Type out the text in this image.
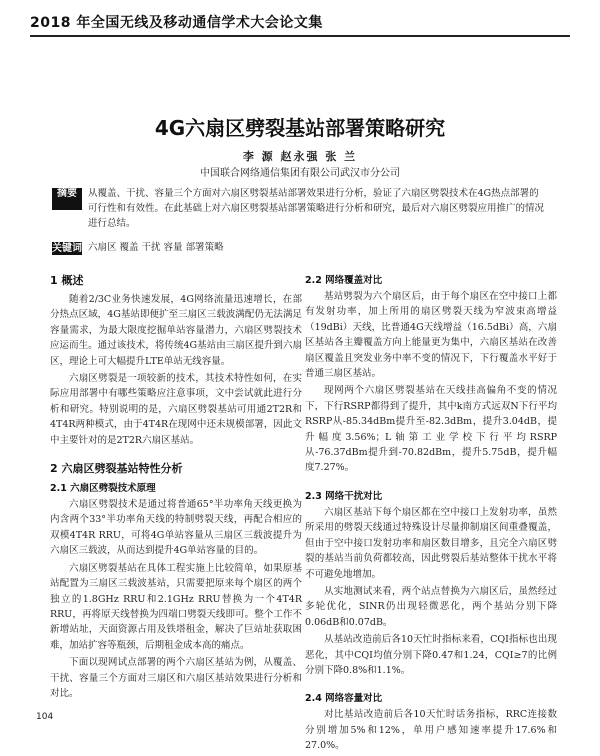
2018 年全国无线及移动通信学术大会论文集
4G六扇区劈裂基站部署策略研究
李 源 赵永强 张 兰
中国联合网络通信集团有限公司武汉市分公司
摘要	从覆盖、干扰、容量三个方面对六扇区劈裂基站部署效果进行分析，验证了六扇区劈裂技术在4G热点部署的可行性和有效性。在此基础上对六扇区劈裂基站部署策略进行分析和研究，最后对六扇区劈裂应用推广的情况进行总结。
关键词 六扇区 覆盖 干扰 容量 部署策略
1 概述

随着2/3C业务快速发展，4G网络流量迅速增长，在部分热点区域，4G基站即便扩至三扇区三载波满配仍无法满足容量需求，为最大限度挖掘单站容量潜力，六扇区劈裂技术应运而生。通过该技术，将传统4G基站由三扇区提升到六扇区，理论上可大幅提升LTE单站无线容量。

六扇区劈裂是一项较新的技术，其技术特性如何，在实际应用部署中有哪些策略应注意事项，文中尝试就此进行分析和研究。特别说明的是，六扇区劈裂基站可用通2T2R和4T4R两种模式，由于4T4R在现网中还未规模部署，因此文中主要针对的是2T2R六扇区基站。

2 六扇区劈裂基站特性分析
2.1 六扇区劈裂技术原理

六扇区劈裂技术是通过将普通65°半功率角天线更换为内含两个33°半功率角天线的特制劈裂天线，再配合相应的双模4T4R RRU，可将4G单站容量从三扇区三载波提升为六扇区三载波，从而达到提升4G单站容量的目的。

六扇区劈裂基站在具体工程实施上比较简单，如果原基站配置为三扇区三载波基站，只需要把原来每个扇区的两个独立的1.8GHz RRU和2.1GHz RRU替换为一个4T4R RRU，再将原天线替换为四端口劈裂天线即可。整个工作不新增站址，天面资源占用及铁塔租金，解决了巨站址获取困难，加站扩容等瓶颈，后期租金成本高的痛点。

下面以现网试点部署的两个六扇区基站为例，从覆盖、干扰、容量三个方面对三扇区和六扇区基站效果进行分析和对比。

2.2 网络覆盖对比

基站劈裂为六个扇区后，由于每个扇区在空中接口上都有发射功率，加上所用的扇区劈裂天线为窄波束高增益（19dBi）天线，比普通4G天线增益（16.5dBi）高，六扇区基站各主瓣覆盖方向上能量更为集中，六扇区基站在改善扇区覆盖且突发业务中率不变的情况下，下行覆盖水平好于普通三扇区基站。

现网两个六扇区劈裂基站在天线挂高偏角不变的情况下，下行RSRP都得到了提升，其中k南方式远双N下行平均RSRP从-85.34dBm提升至-82.3dBm，提升3.04dB，提升幅度3.56%；L轴第工业学校下行平均RSRP从-76.37dBm提升到-70.82dBm，提升5.75dB，提升幅度7.27%。

2.3 网络干扰对比

六扇区基站下每个扇区都在空中接口上发射功率，虽然所采用的劈裂天线通过特殊设计尽量抑制扇区间重叠覆盖，但由于空中接口发射功率和扇区数目增多，且完全六扇区劈裂的基站当前负荷都较高，因此劈裂后基站整体干扰水平将不可避免地增加。

从实地测试来看，两个站点替换为六扇区后，虽然经过多轮优化，SINR仍出现轻微恶化，两个基站分别下降0.06dB和0.07dB。

从基站改造前后各10天忙时指标来看，CQI指标也出现恶化，其中CQI均值分别下降0.47和1.24，CQI≥7的比例分别下降0.8%和1.1%。

2.4 网络容量对比

对比基站改造前后各10天忙时话务指标，RRC连接数分别增加5%和12%，单用户感知速率提升17.6%和27.0%。

104
